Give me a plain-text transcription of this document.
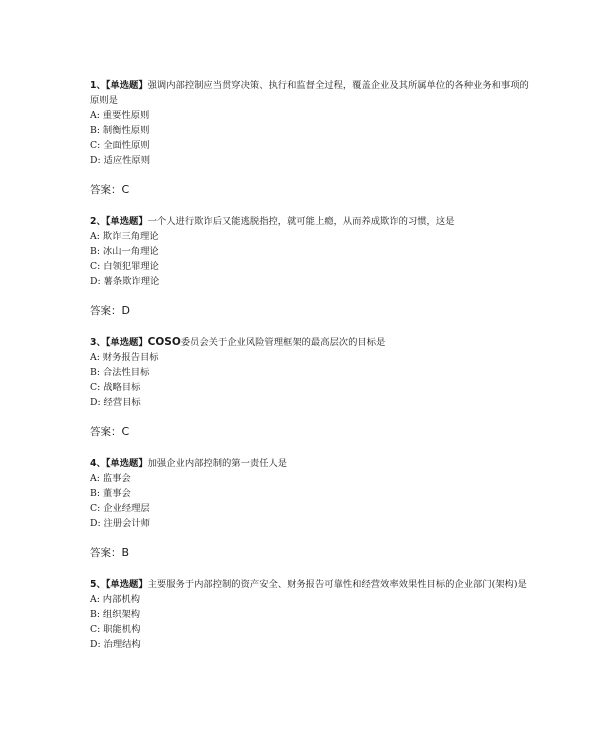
1、【单选题】强调内部控制应当贯穿决策、执行和监督全过程，覆盖企业及其所属单位的各种业务和事项的原则是

A: 重要性原则

B: 制衡性原则

C: 全面性原则

D: 适应性原则

答案：C

2、【单选题】一个人进行欺诈后又能逃脱指控，就可能上瘾，从而养成欺诈的习惯，这是

A: 欺诈三角理论

B: 冰山一角理论

C: 白领犯罪理论

D: 薯条欺诈理论

答案：D

3、【单选题】COSO委员会关于企业风险管理框架的最高层次的目标是

A: 财务报告目标

B: 合法性目标

C: 战略目标

D: 经营目标

答案：C

4、【单选题】加强企业内部控制的第一责任人是

A: 监事会

B: 董事会

C: 企业经理层

D: 注册会计师

答案：B

5、【单选题】主要服务于内部控制的资产安全、财务报告可靠性和经营效率效果性目标的企业部门(架构)是

A: 内部机构

B: 组织架构

C: 职能机构

D: 治理结构
